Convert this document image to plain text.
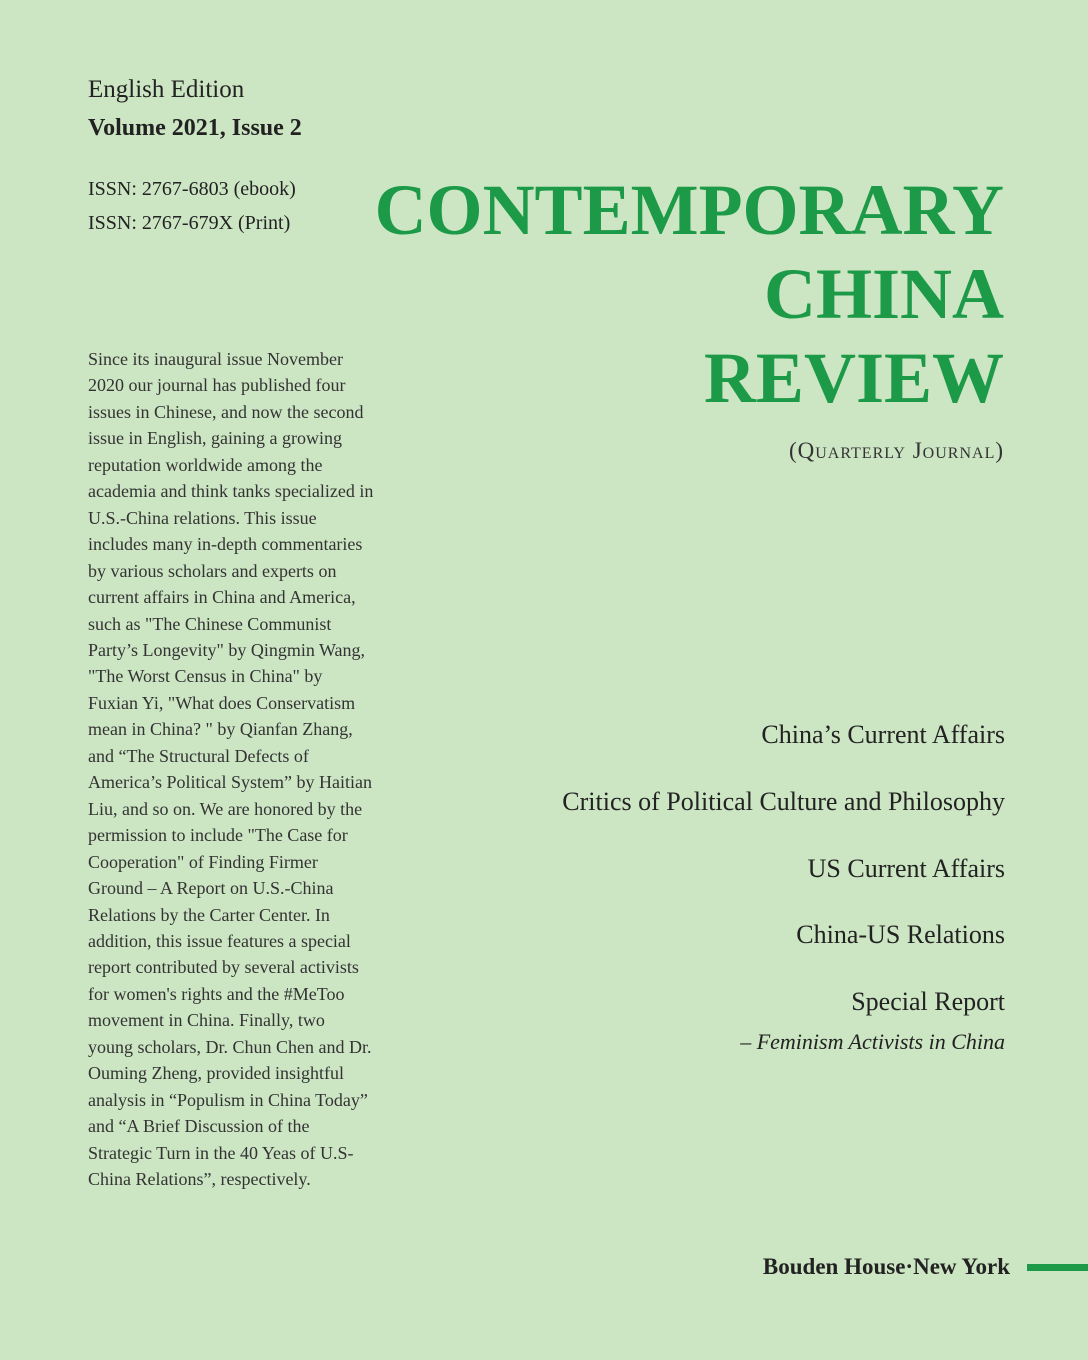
English Edition
Volume 2021, Issue 2
ISSN: 2767-6803 (ebook)
ISSN: 2767-679X (Print) CONTEMPORARY
CHINA
REVIEW
(Quarterly Journal)
Since its inaugural issue November 2020 our journal has published four issues in Chinese, and now the second issue in English, gaining a growing reputation worldwide among the academia and think tanks specialized in U.S.-China relations. This issue includes many in-depth commentaries by various scholars and experts on current affairs in China and America, such as "The Chinese Communist Party’s Longevity" by Qingmin Wang, "The Worst Census in China" by Fuxian Yi, "What does Conservatism mean in China? " by Qianfan Zhang, and “The Structural Defects of America’s Political System” by Haitian Liu, and so on. We are honored by the permission to include "The Case for Cooperation" of Finding Firmer Ground – A Report on U.S.-China Relations by the Carter Center. In addition, this issue features a special report contributed by several activists for women's rights and the #MeToo movement in China. Finally, two young scholars, Dr. Chun Chen and Dr. Ouming Zheng, provided insightful analysis in “Populism in China Today” and “A Brief Discussion of the Strategic Turn in the 40 Yeas of U.S-China Relations”, respectively.
China’s Current Affairs
Critics of Political Culture and Philosophy
US Current Affairs
China-US Relations
Special Report
– Feminism Activists in China
Bouden House·New York
